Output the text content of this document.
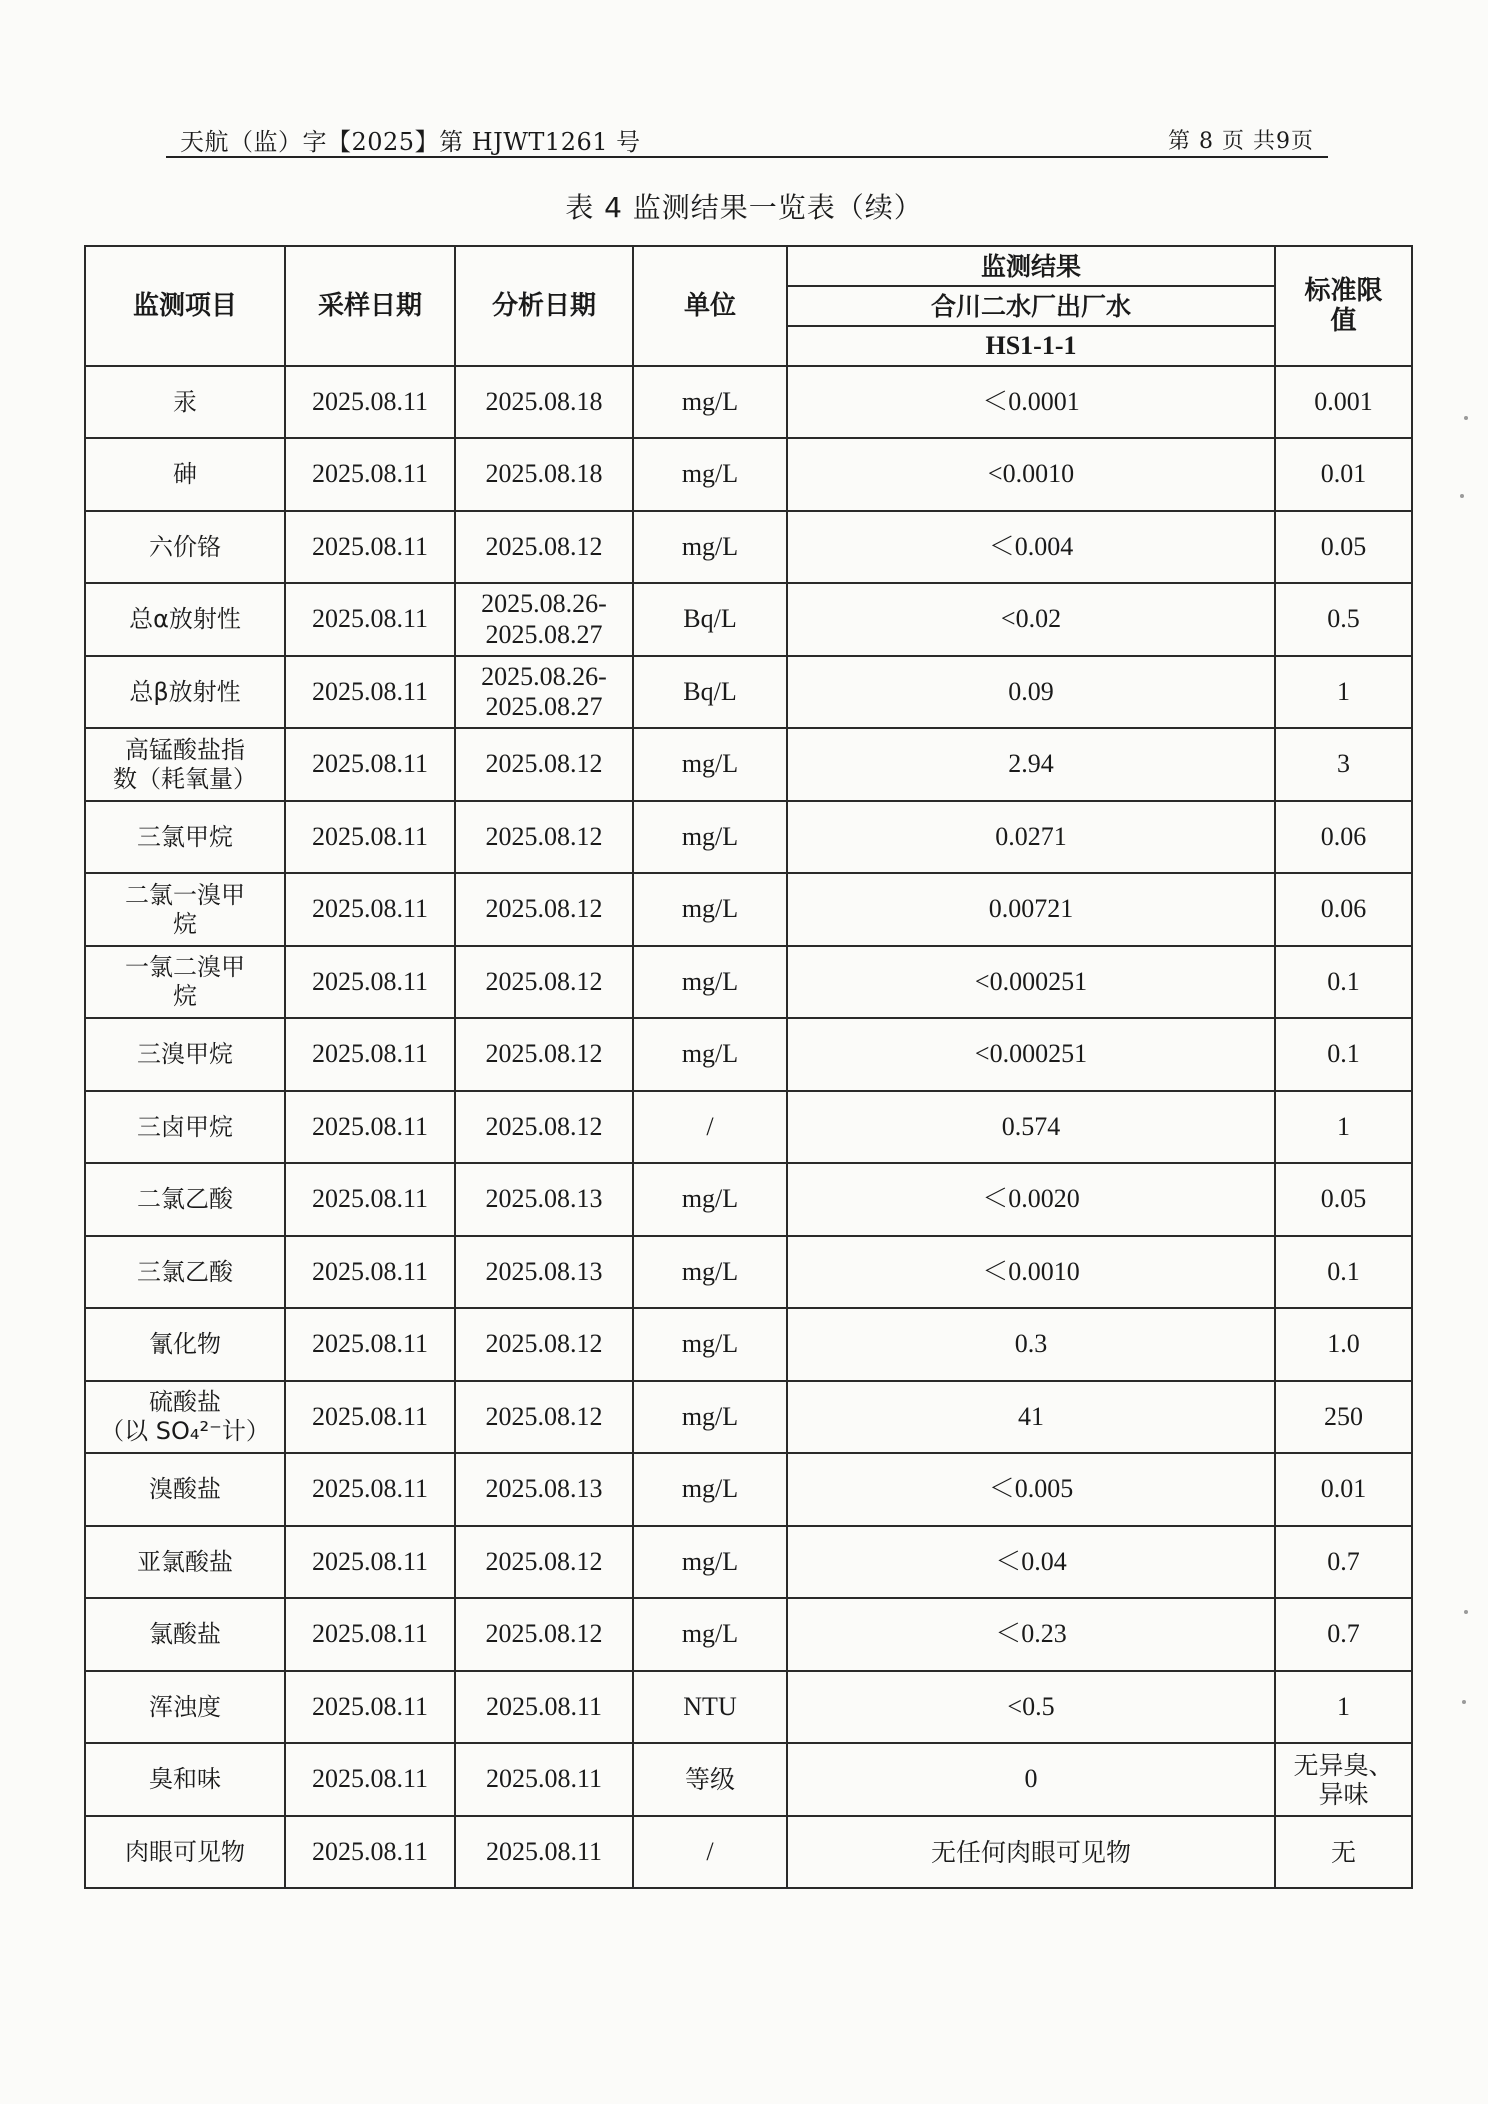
天航（监）字【2025】第 HJWT1261 号	第 8 页 共9页
表 4 监测结果一览表（续）
监测项目	采样日期	分析日期	单位	监测结果	标准限值
				合川二水厂出厂水	
				HS1-1-1	
汞	2025.08.11	2025.08.18	mg/L	＜0.0001	0.001
砷	2025.08.11	2025.08.18	mg/L	<0.0010	0.01
六价铬	2025.08.11	2025.08.12	mg/L	＜0.004	0.05
总α放射性	2025.08.11	2025.08.26-
2025.08.27	Bq/L	<0.02	0.5
总β放射性	2025.08.11	2025.08.26-
2025.08.27	Bq/L	0.09	1
高锰酸盐指
数（耗氧量）	2025.08.11	2025.08.12	mg/L	2.94	3
三氯甲烷	2025.08.11	2025.08.12	mg/L	0.0271	0.06
二氯一溴甲
烷	2025.08.11	2025.08.12	mg/L	0.00721	0.06
一氯二溴甲
烷	2025.08.11	2025.08.12	mg/L	<0.000251	0.1
三溴甲烷	2025.08.11	2025.08.12	mg/L	<0.000251	0.1
三卤甲烷	2025.08.11	2025.08.12	/	0.574	1
二氯乙酸	2025.08.11	2025.08.13	mg/L	＜0.0020	0.05
三氯乙酸	2025.08.11	2025.08.13	mg/L	＜0.0010	0.1
氰化物	2025.08.11	2025.08.12	mg/L	0.3	1.0
硫酸盐
（以 SO₄²⁻计）	2025.08.11	2025.08.12	mg/L	41	250
溴酸盐	2025.08.11	2025.08.13	mg/L	＜0.005	0.01
亚氯酸盐	2025.08.11	2025.08.12	mg/L	＜0.04	0.7
氯酸盐	2025.08.11	2025.08.12	mg/L	＜0.23	0.7
浑浊度	2025.08.11	2025.08.11	NTU	<0.5	1
臭和味	2025.08.11	2025.08.11	等级	0	无异臭、
异味
肉眼可见物	2025.08.11	2025.08.11	/	无任何肉眼可见物	无
